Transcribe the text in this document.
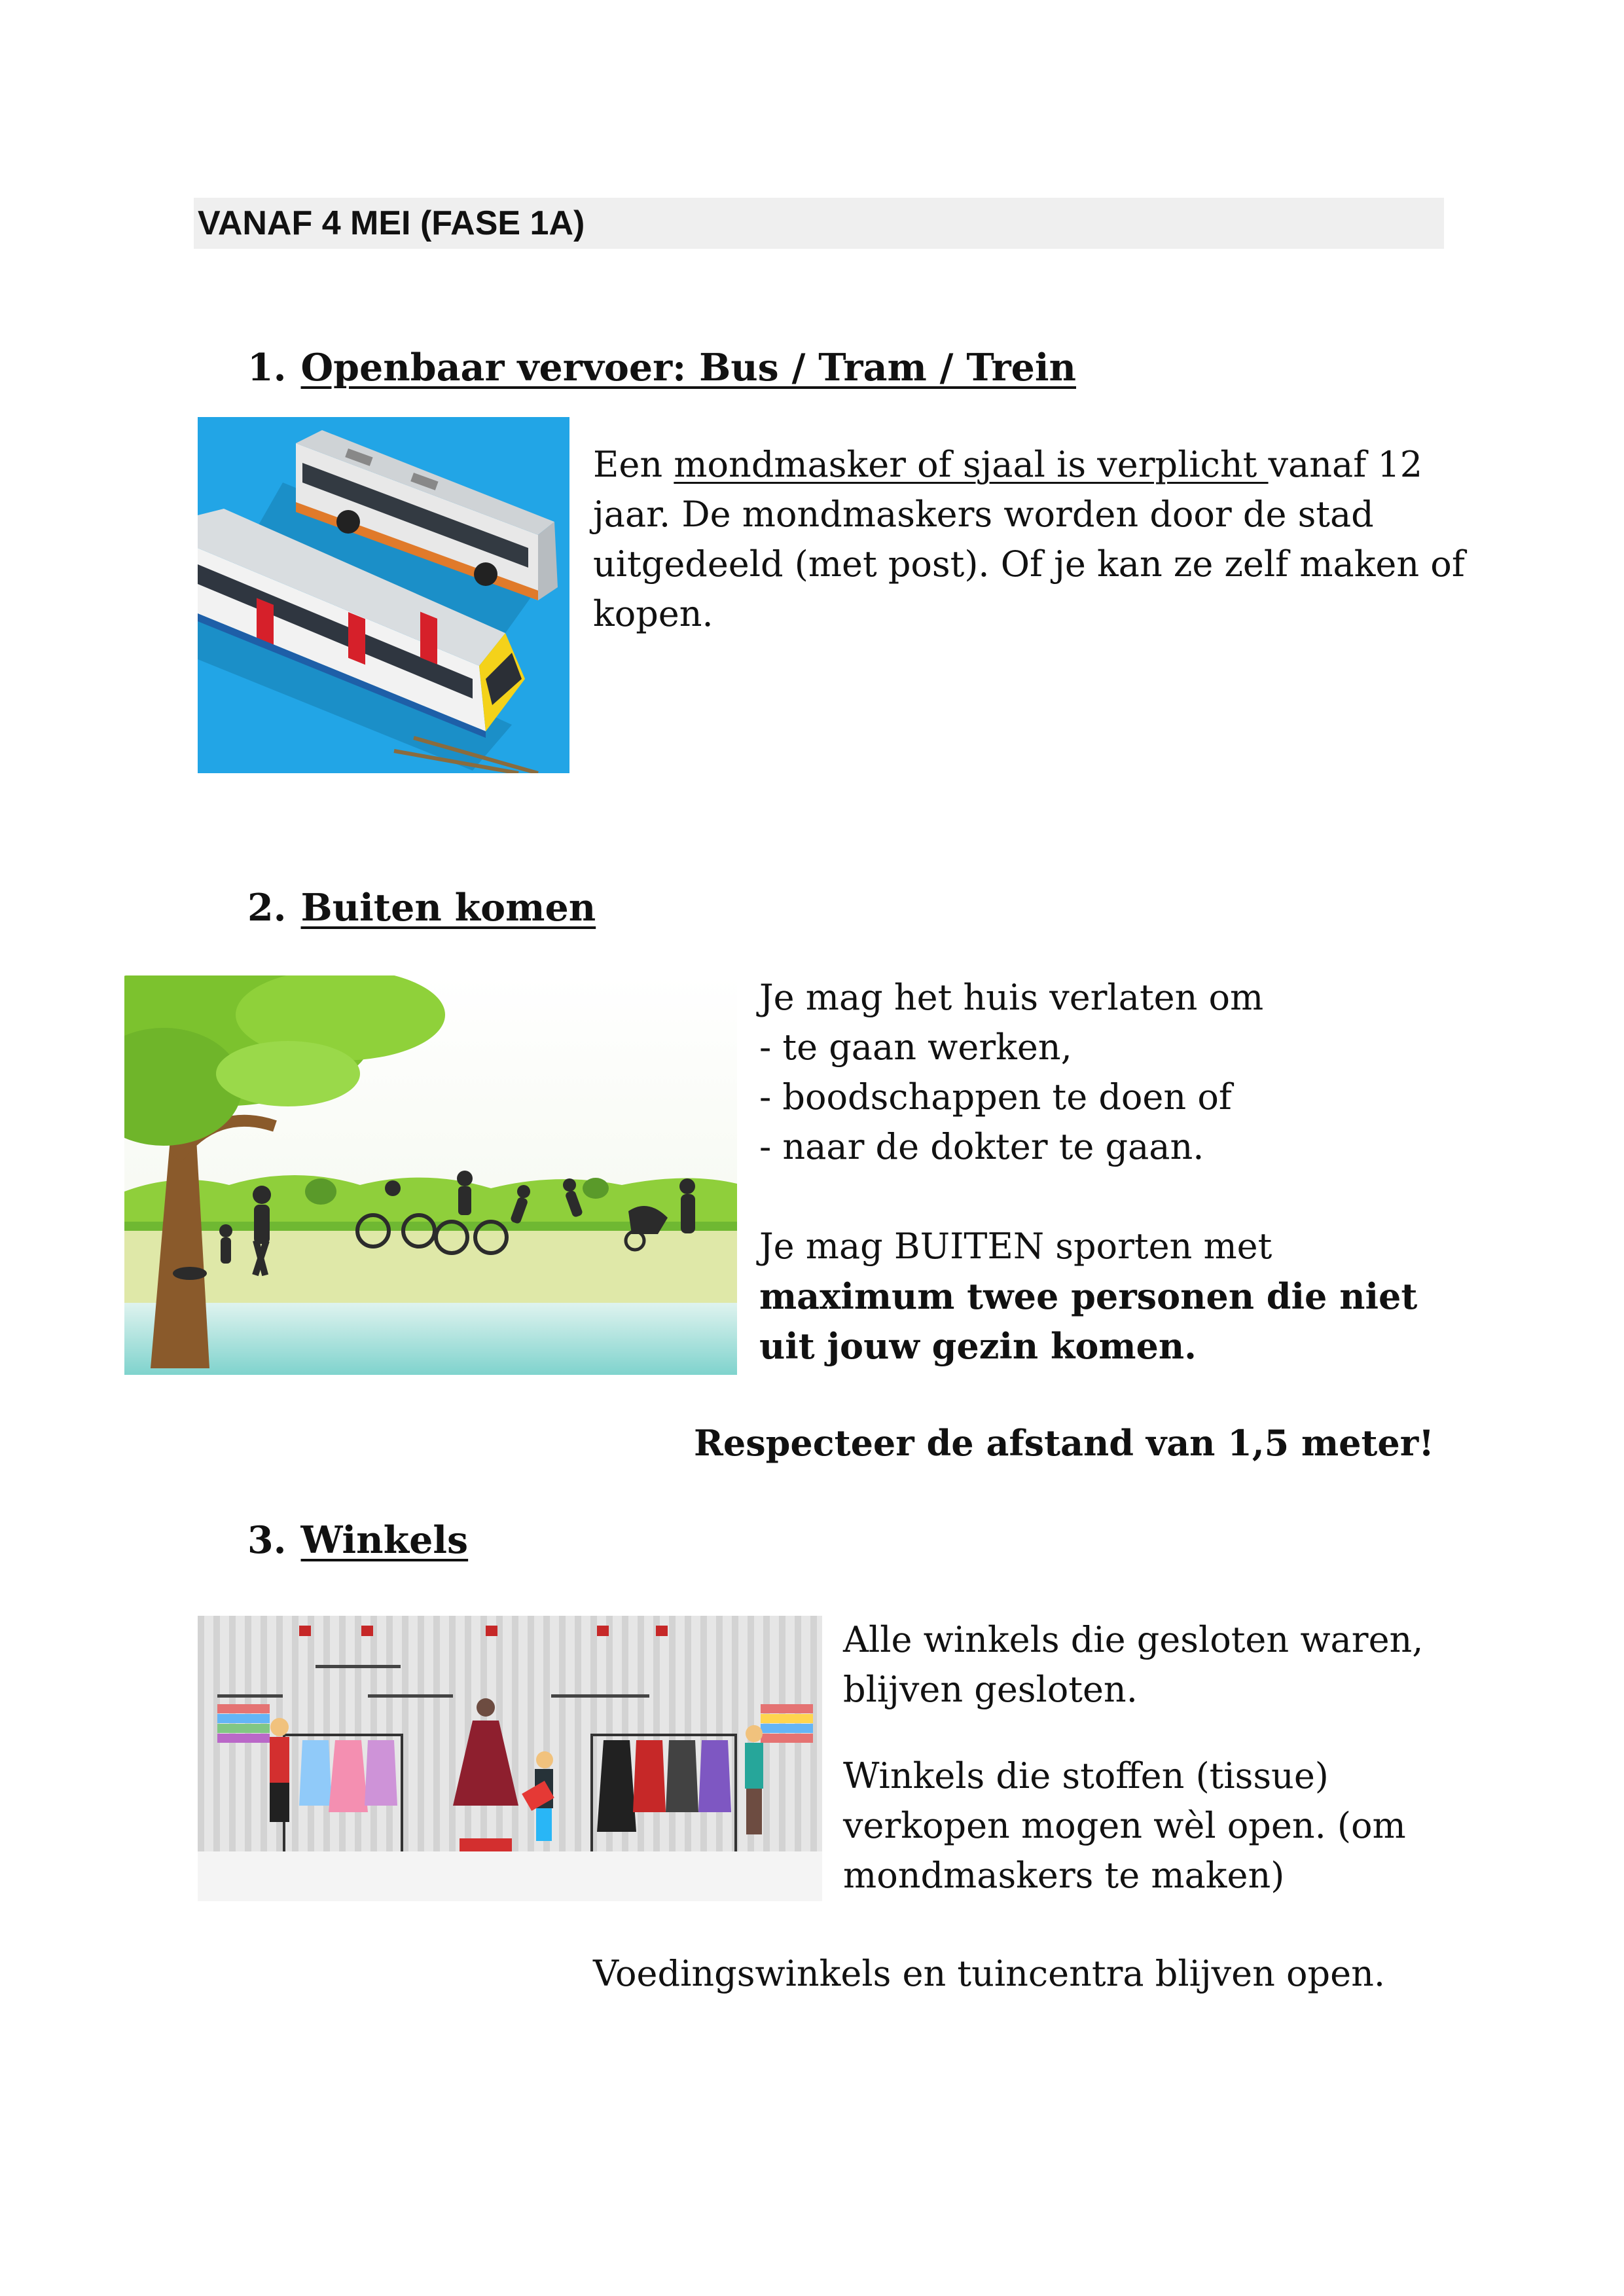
VANAF 4 MEI (FASE 1A)
1. Openbaar vervoer: Bus / Tram / Trein

Een mondmasker of sjaal is verplicht vanaf 12

jaar. De mondmaskers worden door de stad

uitgedeeld (met post). Of je kan ze zelf maken of

kopen.

2. Buiten komen

Je mag het huis verlaten om

- te gaan werken,

- boodschappen te doen of

- naar de dokter te gaan.

Je mag BUITEN sporten met

maximum twee personen die niet

uit jouw gezin komen.

Respecteer de afstand van 1,5 meter!
3. Winkels

Alle winkels die gesloten waren,

blijven gesloten.

Winkels die stoffen (tissue)

verkopen mogen wèl open. (om

mondmaskers te maken)

Voedingswinkels en tuincentra blijven open.
